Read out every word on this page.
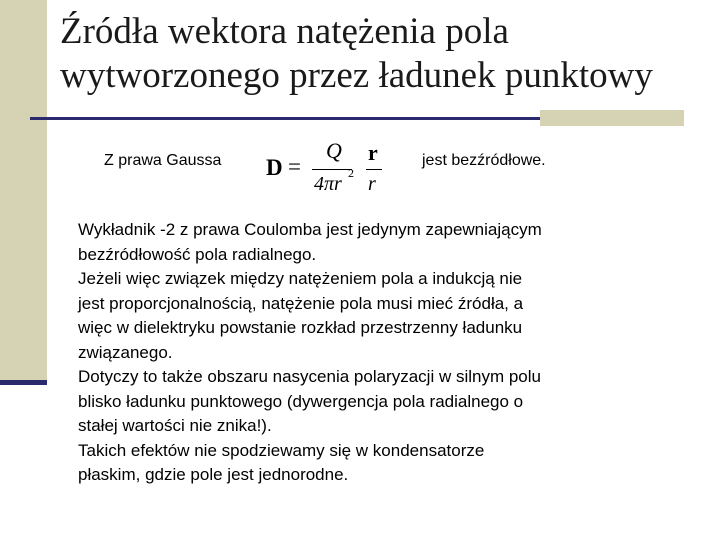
Źródła wektora natężenia pola
wytworzonego przez ładunek punktowy
Z prawa Gaussa D =
Q
4πr 2
r
r
jest bezźródłowe.
Wykładnik -2 z prawa Coulomba jest jedynym zapewniającym
bezźródłowość pola radialnego.
Jeżeli więc związek między natężeniem pola a indukcją nie
jest proporcjonalnością, natężenie pola musi mieć źródła, a
więc w dielektryku powstanie rozkład przestrzenny ładunku
związanego.
Dotyczy to także obszaru nasycenia polaryzacji w silnym polu
blisko ładunku punktowego (dywergencja pola radialnego o
stałej wartości nie znika!).
Takich efektów nie spodziewamy się w kondensatorze
płaskim, gdzie pole jest jednorodne.
